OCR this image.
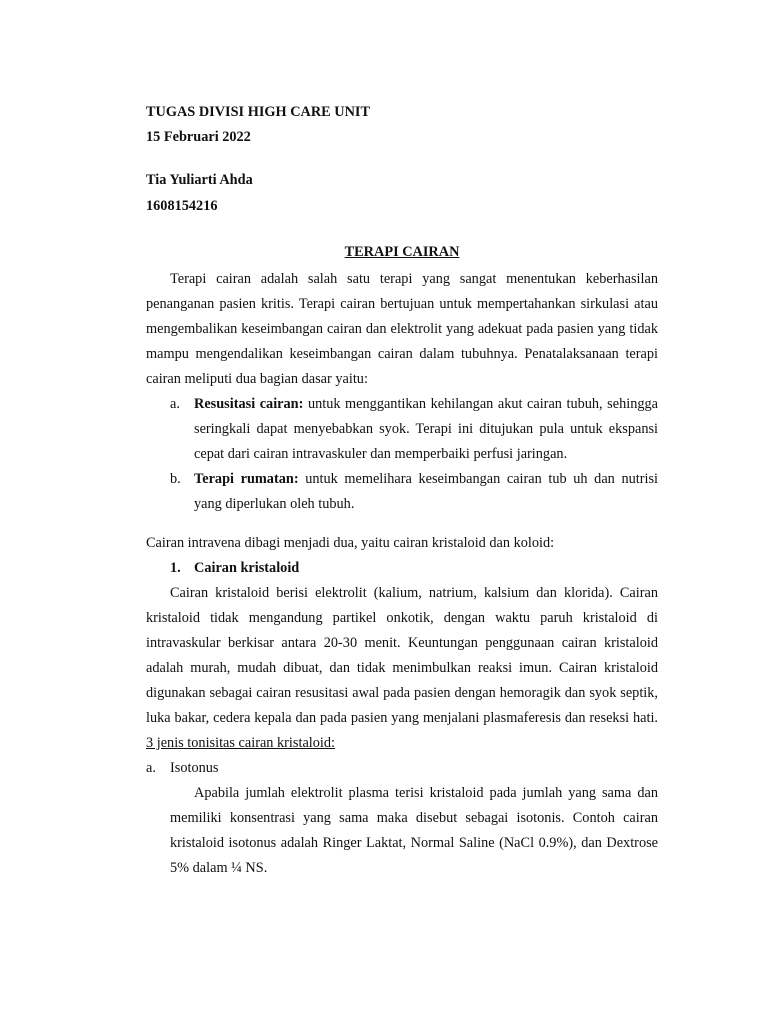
TUGAS DIVISI HIGH CARE UNIT
15 Februari 2022
Tia Yuliarti Ahda
1608154216
TERAPI CAIRAN

Terapi cairan adalah salah satu terapi yang sangat menentukan keberhasilan penanganan pasien kritis. Terapi cairan bertujuan untuk mempertahankan sirkulasi atau mengembalikan keseimbangan cairan dan elektrolit yang adekuat pada pasien yang tidak mampu mengendalikan keseimbangan cairan dalam tubuhnya. Penatalaksanaan terapi cairan meliputi dua bagian dasar yaitu:

a. Resusitasi cairan: untuk menggantikan kehilangan akut cairan tubuh, sehingga seringkali dapat menyebabkan syok. Terapi ini ditujukan pula untuk ekspansi cepat dari cairan intravaskuler dan memperbaiki perfusi jaringan.
b. Terapi rumatan: untuk memelihara keseimbangan cairan tub uh dan nutrisi yang diperlukan oleh tubuh.

Cairan intravena dibagi menjadi dua, yaitu cairan kristaloid dan koloid:

1. Cairan kristaloid

Cairan kristaloid berisi elektrolit (kalium, natrium, kalsium dan klorida). Cairan kristaloid tidak mengandung partikel onkotik, dengan waktu paruh kristaloid di intravaskular berkisar antara 20-30 menit. Keuntungan penggunaan cairan kristaloid adalah murah, mudah dibuat, dan tidak menimbulkan reaksi imun. Cairan kristaloid digunakan sebagai cairan resusitasi awal pada pasien dengan hemoragik dan syok septik, luka bakar, cedera kepala dan pada pasien yang menjalani plasmaferesis dan reseksi hati. 3 jenis tonisitas cairan kristaloid:

a. Isotonus

Apabila jumlah elektrolit plasma terisi kristaloid pada jumlah yang sama dan memiliki konsentrasi yang sama maka disebut sebagai isotonis. Contoh cairan kristaloid isotonus adalah Ringer Laktat, Normal Saline (NaCl 0.9%), dan Dextrose 5% dalam ¼ NS.
